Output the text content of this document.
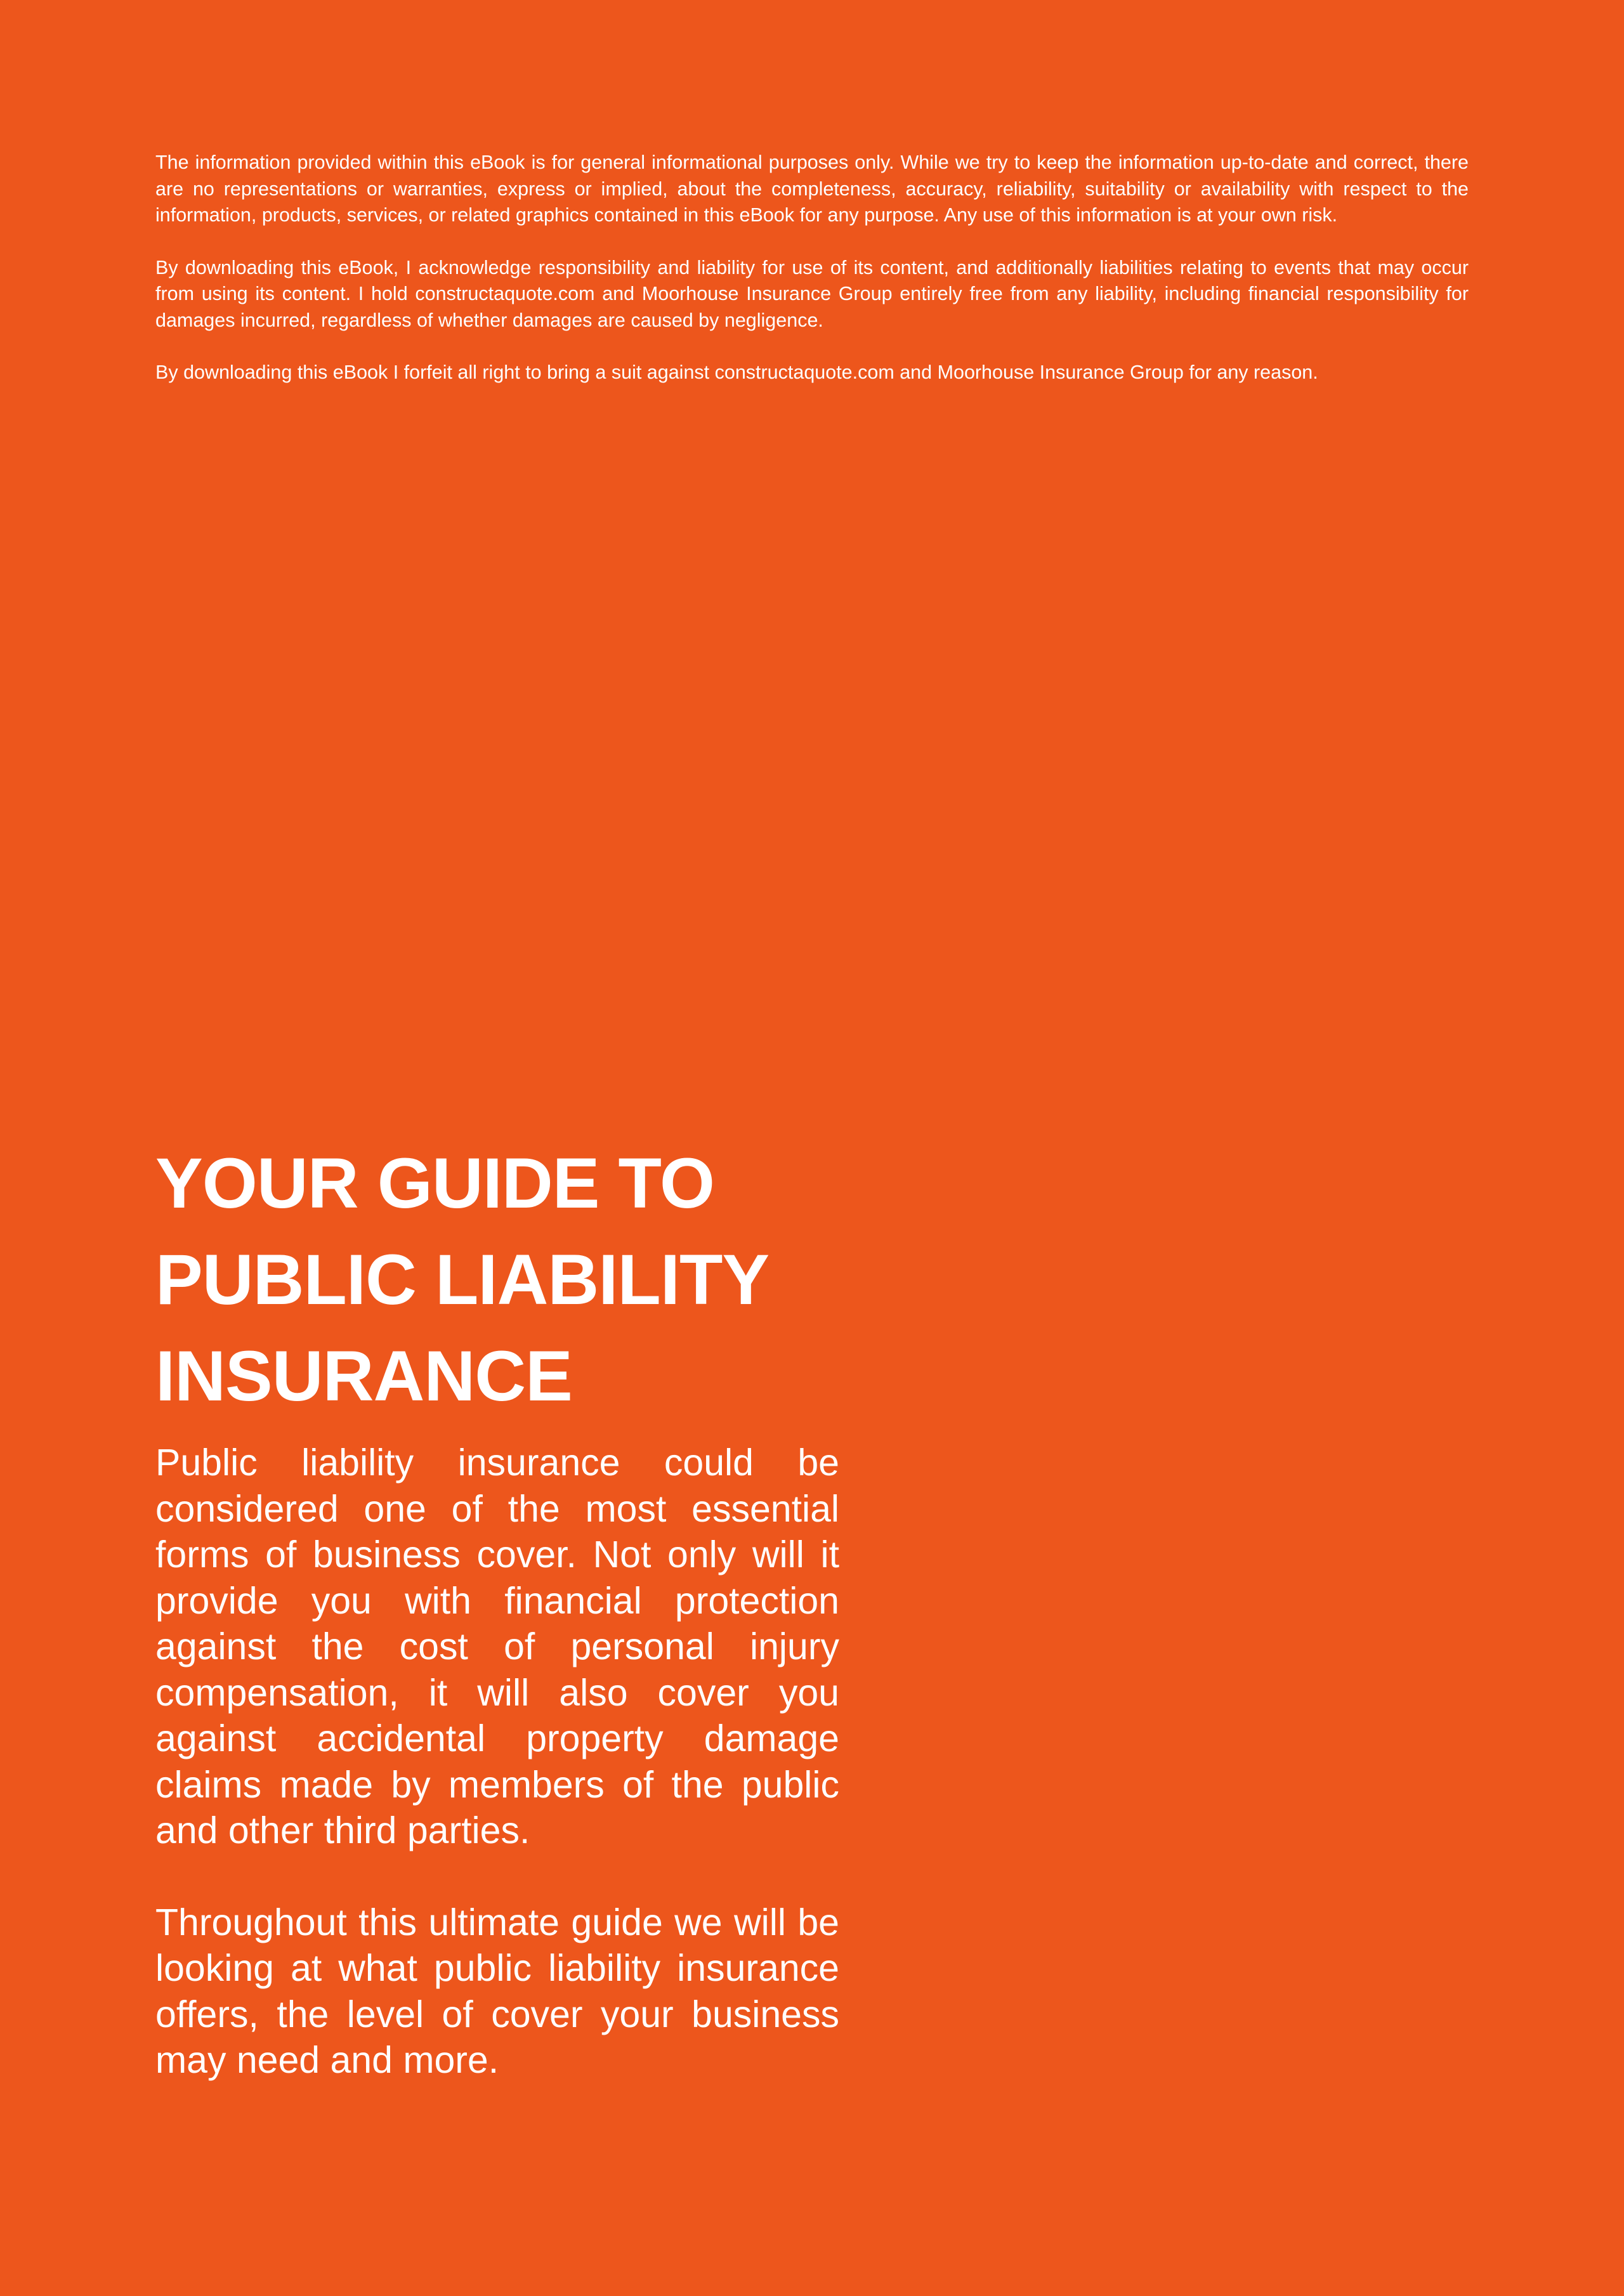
The information provided within this eBook is for general informational purposes only. While we try to keep the information up-to-date and correct, there are no representations or warranties, express or implied, about the completeness, accuracy, reliability, suitability or availability with respect to the information, products, services, or related graphics contained in this eBook for any purpose. Any use of this information is at your own risk.

By downloading this eBook, I acknowledge responsibility and liability for use of its content, and additionally liabilities relating to events that may occur from using its content. I hold constructaquote.com and Moorhouse Insurance Group entirely free from any liability, including financial responsibility for damages incurred, regardless of whether damages are caused by negligence.

By downloading this eBook I forfeit all right to bring a suit against constructaquote.com and Moorhouse Insurance Group for any reason.

YOUR GUIDE TO
PUBLIC LIABILITY
INSURANCE

Public liability insurance could be considered one of the most essential forms of business cover. Not only will it provide you with financial protection against the cost of personal injury compensation, it will also cover you against accidental property damage claims made by members of the public and other third parties.

Throughout this ultimate guide we will be looking at what public liability insurance offers, the level of cover your business may need and more.
